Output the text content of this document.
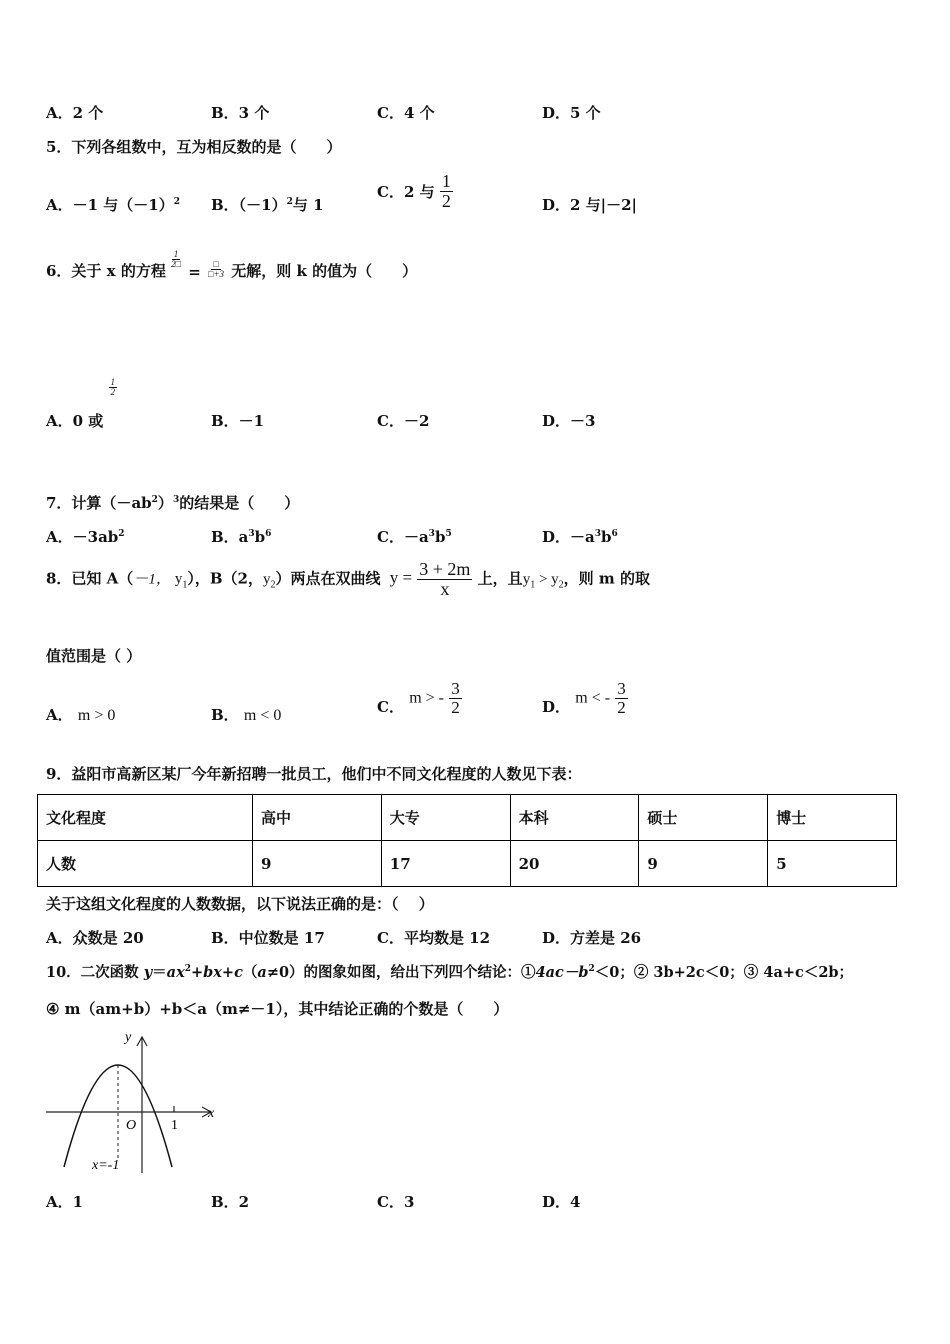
A．2 个	B．3 个	C．4 个	D．5 个
5．下列各组数中，互为相反数的是（　　）
A．－1 与$(-1)^2$ B．$(-1)^2$与 1
C．2 与 $\frac{1}{2}$	D．2 与|－2|
6．关于 x 的方程
$\frac{1}{2□}$
= $\frac{□}{□+3}$ 无解，则 k 的值为（　　）
A．0 或
$\frac{1}{2}$
B．－1	C．－2	D．－3
7．计算$(-ab^2)^3$的结果是（　　）
A．$-3ab^2$	B．$a^3b^6$	C．$-a^3b^5$	D．$-a^3b^6$
8．已知 A（－1， $y_1$），B（2，$y_2$）两点在双曲线 $y = \frac{3 + 2m}{x}$ 上，且$y_1 > y_2$，则 m 的取
值范围是（ ）
A． m > 0	B． m < 0	C． m > - $\frac{3}{2}$	D． m < - $\frac{3}{2}$
9．益阳市高新区某厂今年新招聘一批员工，他们中不同文化程度的人数见下表：
文化程度	高中	大专	本科	硕士	博士
人数	9	17	20	9	5
关于这组文化程度的人数数据，以下说法正确的是：（　 ）
A．众数是 20	B．中位数是 17	C．平均数是 12	D．方差是 26
10．二次函数 $y=ax^2+bx+c(a\ne 0)$的图象如图，给出下列四个结论：$①4ac-b^2<0$；② 3b+2c＜0；③ 4a+c＜2b；
④ m（am+b）+b＜a（m≠－1），其中结论正确的个数是（　　）
y
x
O 1
x=-1
A．1	B．2	C．3	D．4
